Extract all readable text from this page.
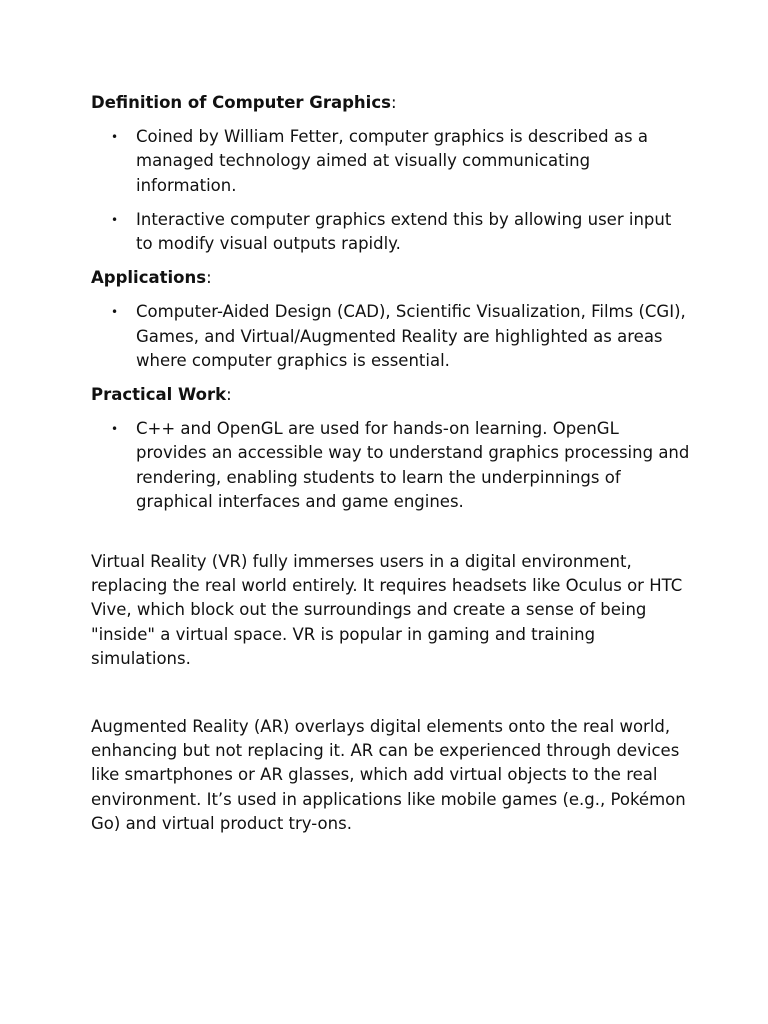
Definition of Computer Graphics:

• Coined by William Fetter, computer graphics is described as a managed technology aimed at visually communicating information.
• Interactive computer graphics extend this by allowing user input to modify visual outputs rapidly.

Applications:

• Computer-Aided Design (CAD), Scientific Visualization, Films (CGI), Games, and Virtual/Augmented Reality are highlighted as areas where computer graphics is essential.

Practical Work:

• C++ and OpenGL are used for hands-on learning. OpenGL provides an accessible way to understand graphics processing and rendering, enabling students to learn the underpinnings of graphical interfaces and game engines.

Virtual Reality (VR) fully immerses users in a digital environment, replacing the real world entirely. It requires headsets like Oculus or HTC Vive, which block out the surroundings and create a sense of being "inside" a virtual space. VR is popular in gaming and training simulations.

Augmented Reality (AR) overlays digital elements onto the real world, enhancing but not replacing it. AR can be experienced through devices like smartphones or AR glasses, which add virtual objects to the real environment. It’s used in applications like mobile games (e.g., Pokémon Go) and virtual product try-ons.
